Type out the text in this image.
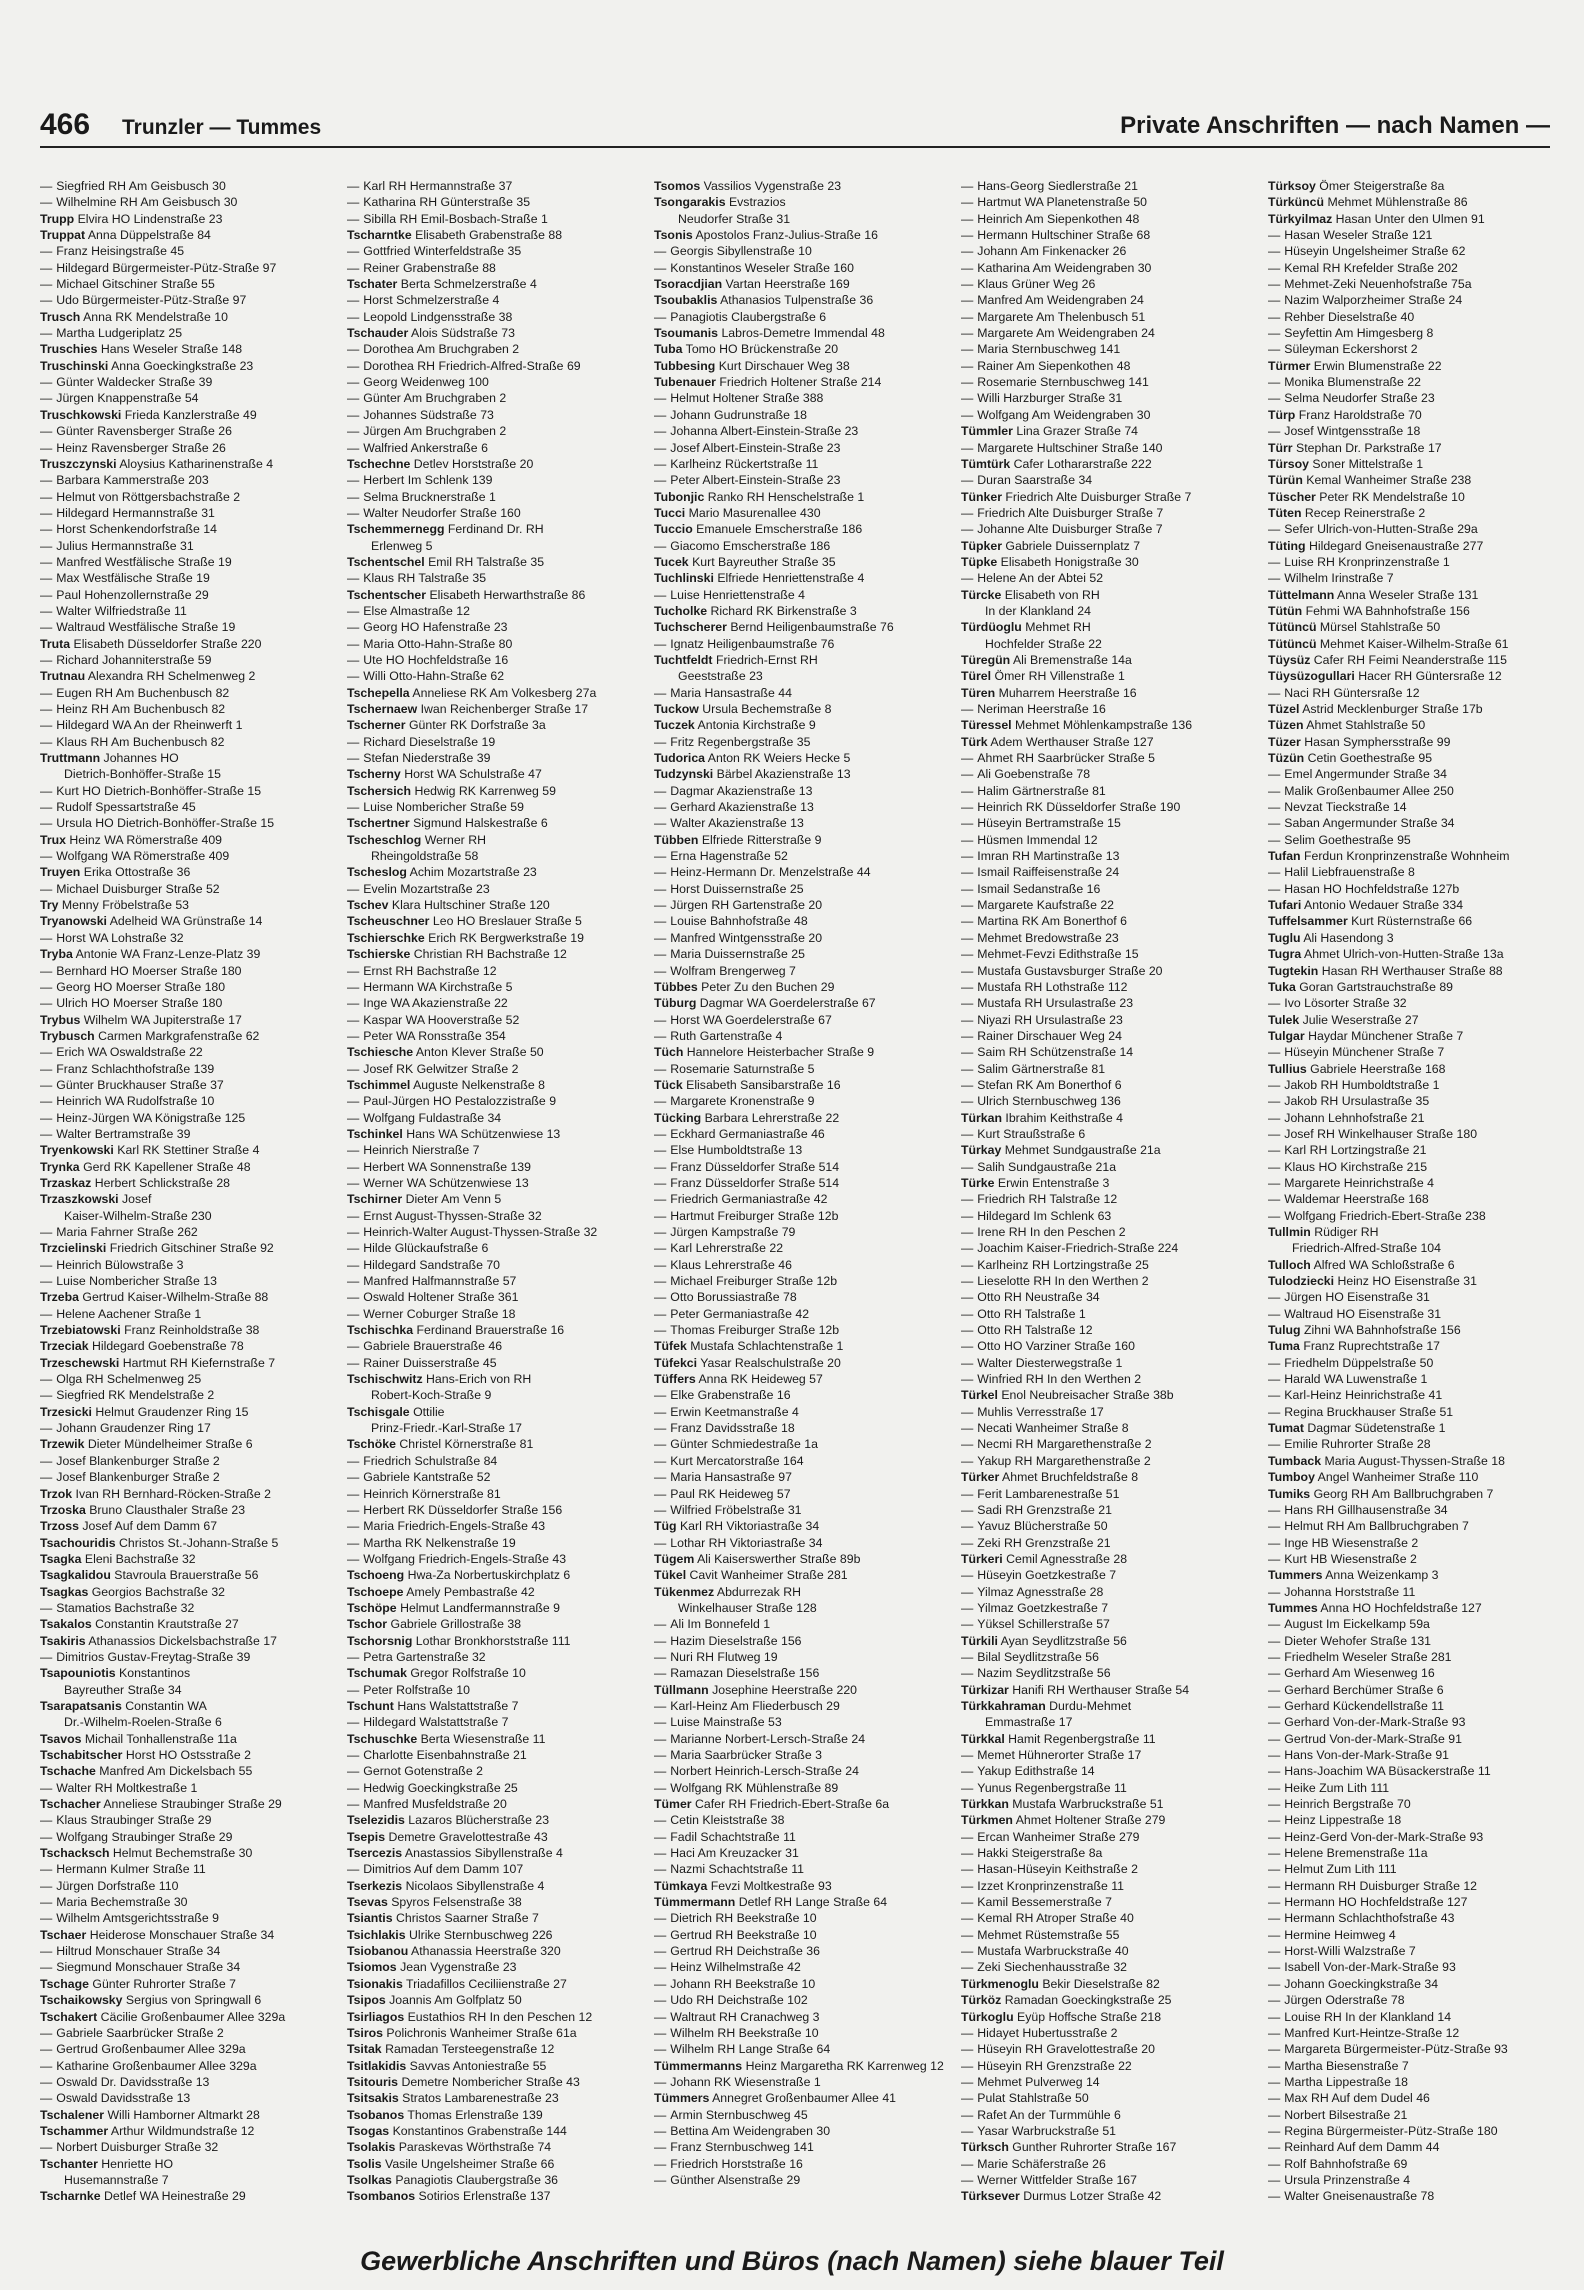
466 Trunzler — Tummes	Private Anschriften — nach Namen —
— Siegfried RH Am Geisbusch 30
— Wilhelmine RH Am Geisbusch 30
Trupp Elvira HO Lindenstraße 23
Truppat Anna Düppelstraße 84
— Franz Heisingstraße 45
— Hildegard Bürgermeister-Pütz-Straße 97
— Michael Gitschiner Straße 55
— Udo Bürgermeister-Pütz-Straße 97
Trusch Anna RK Mendelstraße 10
— Martha Ludgeriplatz 25
Truschies Hans Weseler Straße 148
Truschinski Anna Goeckingkstraße 23
— Günter Waldecker Straße 39
— Jürgen Knappenstraße 54
Truschkowski Frieda Kanzlerstraße 49
— Günter Ravensberger Straße 26
— Heinz Ravensberger Straße 26
Truszczynski Aloysius Katharinenstraße 4
— Barbara Kammerstraße 203
— Helmut von Röttgersbachstraße 2
— Hildegard Hermannstraße 31
— Horst Schenkendorfstraße 14
— Julius Hermannstraße 31
— Manfred Westfälische Straße 19
— Max Westfälische Straße 19
— Paul Hohenzollernstraße 29
— Walter Wilfriedstraße 11
— Waltraud Westfälische Straße 19
Truta Elisabeth Düsseldorfer Straße 220
— Richard Johanniterstraße 59
Trutnau Alexandra RH Schelmenweg 2
— Eugen RH Am Buchenbusch 82
— Heinz RH Am Buchenbusch 82
— Hildegard WA An der Rheinwerft 1
— Klaus RH Am Buchenbusch 82
Truttmann Johannes HO
Dietrich-Bonhöffer-Straße 15
— Kurt HO Dietrich-Bonhöffer-Straße 15
— Rudolf Spessartstraße 45
— Ursula HO Dietrich-Bonhöffer-Straße 15
Trux Heinz WA Römerstraße 409
— Wolfgang WA Römerstraße 409
Truyen Erika Ottostraße 36
— Michael Duisburger Straße 52
Try Menny Fröbelstraße 53
Tryanowski Adelheid WA Grünstraße 14
— Horst WA Lohstraße 32
Tryba Antonie WA Franz-Lenze-Platz 39
— Bernhard HO Moerser Straße 180
— Georg HO Moerser Straße 180
— Ulrich HO Moerser Straße 180
Trybus Wilhelm WA Jupiterstraße 17
Trybusch Carmen Markgrafenstraße 62
— Erich WA Oswaldstraße 22
— Franz Schlachthofstraße 139
— Günter Bruckhauser Straße 37
— Heinrich WA Rudolfstraße 10
— Heinz-Jürgen WA Königstraße 125
— Walter Bertramstraße 39
Tryenkowski Karl RK Stettiner Straße 4
Trynka Gerd RK Kapellener Straße 48
Trzaskaz Herbert Schlickstraße 28
Trzaszkowski Josef
Kaiser-Wilhelm-Straße 230
— Maria Fahrner Straße 262
Trzcielinski Friedrich Gitschiner Straße 92
— Heinrich Bülowstraße 3
— Luise Nombericher Straße 13
Trzeba Gertrud Kaiser-Wilhelm-Straße 88
— Helene Aachener Straße 1
Trzebiatowski Franz Reinholdstraße 38
Trzeciak Hildegard Goebenstraße 78
Trzeschewski Hartmut RH Kiefernstraße 7
— Olga RH Schelmenweg 25
— Siegfried RK Mendelstraße 2
Trzesicki Helmut Graudenzer Ring 15
— Johann Graudenzer Ring 17
Trzewik Dieter Mündelheimer Straße 6
— Josef Blankenburger Straße 2
— Josef Blankenburger Straße 2
Trzok Ivan RH Bernhard-Röcken-Straße 2
Trzoska Bruno Clausthaler Straße 23
Trzoss Josef Auf dem Damm 67
Tsachouridis Christos St.-Johann-Straße 5
Tsagka Eleni Bachstraße 32
Tsagkalidou Stavroula Brauerstraße 56
Tsagkas Georgios Bachstraße 32
— Stamatios Bachstraße 32
Tsakalos Constantin Krautstraße 27
Tsakiris Athanassios Dickelsbachstraße 17
— Dimitrios Gustav-Freytag-Straße 39
Tsapouniotis Konstantinos
Bayreuther Straße 34
Tsarapatsanis Constantin WA
Dr.-Wilhelm-Roelen-Straße 6
Tsavos Michail Tonhallenstraße 11a
Tschabitscher Horst HO Ostsstraße 2
Tschache Manfred Am Dickelsbach 55
— Walter RH Moltkestraße 1
Tschacher Anneliese Straubinger Straße 29
— Klaus Straubinger Straße 29
— Wolfgang Straubinger Straße 29
Tschacksch Helmut Bechemstraße 30
— Hermann Kulmer Straße 11
— Jürgen Dorfstraße 110
— Maria Bechemstraße 30
— Wilhelm Amtsgerichtsstraße 9
Tschaer Heiderose Monschauer Straße 34
— Hiltrud Monschauer Straße 34
— Siegmund Monschauer Straße 34
Tschage Günter Ruhrorter Straße 7
Tschaikowsky Sergius von Springwall 6
Tschakert Cäcilie Großenbaumer Allee 329a
— Gabriele Saarbrücker Straße 2
— Gertrud Großenbaumer Allee 329a
— Katharine Großenbaumer Allee 329a
— Oswald Dr. Davidsstraße 13
— Oswald Davidsstraße 13
Tschalener Willi Hamborner Altmarkt 28
Tschammer Arthur Wildmundstraße 12
— Norbert Duisburger Straße 32
Tschanter Henriette HO
Husemannstraße 7
Tscharnke Detlef WA Heinestraße 29
— Karl RH Hermannstraße 37
— Katharina RH Günterstraße 35
— Sibilla RH Emil-Bosbach-Straße 1
Tscharntke Elisabeth Grabenstraße 88
— Gottfried Winterfeldstraße 35
— Reiner Grabenstraße 88
Tschater Berta Schmelzerstraße 4
— Horst Schmelzerstraße 4
— Leopold Lindgensstraße 38
Tschauder Alois Südstraße 73
— Dorothea Am Bruchgraben 2
— Dorothea RH Friedrich-Alfred-Straße 69
— Georg Weidenweg 100
— Günter Am Bruchgraben 2
— Johannes Südstraße 73
— Jürgen Am Bruchgraben 2
— Walfried Ankerstraße 6
Tschechne Detlev Horststraße 20
— Herbert Im Schlenk 139
— Selma Brucknerstraße 1
— Walter Neudorfer Straße 160
Tschemmernegg Ferdinand Dr. RH
Erlenweg 5
Tschentschel Emil RH Talstraße 35
— Klaus RH Talstraße 35
Tschentscher Elisabeth Herwarthstraße 86
— Else Almastraße 12
— Georg HO Hafenstraße 23
— Maria Otto-Hahn-Straße 80
— Ute HO Hochfeldstraße 16
— Willi Otto-Hahn-Straße 62
Tschepella Anneliese RK Am Volkesberg 27a
Tschernaew Iwan Reichenberger Straße 17
Tscherner Günter RK Dorfstraße 3a
— Richard Dieselstraße 19
— Stefan Niederstraße 39
Tscherny Horst WA Schulstraße 47
Tschersich Hedwig RK Karrenweg 59
— Luise Nombericher Straße 59
Tschertner Sigmund Halskestraße 6
Tscheschlog Werner RH
Rheingoldstraße 58
Tscheslog Achim Mozartstraße 23
— Evelin Mozartstraße 23
Tschev Klara Hultschiner Straße 120
Tscheuschner Leo HO Breslauer Straße 5
Tschierschke Erich RK Bergwerkstraße 19
Tschierske Christian RH Bachstraße 12
— Ernst RH Bachstraße 12
— Hermann WA Kirchstraße 5
— Inge WA Akazienstraße 22
— Kaspar WA Hooverstraße 52
— Peter WA Ronsstraße 354
Tschiesche Anton Klever Straße 50
— Josef RK Gelwitzer Straße 2
Tschimmel Auguste Nelkenstraße 8
— Paul-Jürgen HO Pestalozzistraße 9
— Wolfgang Fuldastraße 34
Tschinkel Hans WA Schützenwiese 13
— Heinrich Nierstraße 7
— Herbert WA Sonnenstraße 139
— Werner WA Schützenwiese 13
Tschirner Dieter Am Venn 5
— Ernst August-Thyssen-Straße 32
— Heinrich-Walter August-Thyssen-Straße 32
— Hilde Glückaufstraße 6
— Hildegard Sandstraße 70
— Manfred Halfmannstraße 57
— Oswald Holtener Straße 361
— Werner Coburger Straße 18
Tschischka Ferdinand Brauerstraße 16
— Gabriele Brauerstraße 46
— Rainer Duisserstraße 45
Tschischwitz Hans-Erich von RH
Robert-Koch-Straße 9
Tschisgale Ottilie
Prinz-Friedr.-Karl-Straße 17
Tschöke Christel Körnerstraße 81
— Friedrich Schulstraße 84
— Gabriele Kantstraße 52
— Heinrich Körnerstraße 81
— Herbert RK Düsseldorfer Straße 156
— Maria Friedrich-Engels-Straße 43
— Martha RK Nelkenstraße 19
— Wolfgang Friedrich-Engels-Straße 43
Tschoeng Hwa-Za Norbertuskirchplatz 6
Tschoepe Amely Pembastraße 42
Tschöpe Helmut Landfermannstraße 9
Tschor Gabriele Grillostraße 38
Tschorsnig Lothar Bronkhorststraße 111
— Petra Gartenstraße 32
Tschumak Gregor Rolfstraße 10
— Peter Rolfstraße 10
Tschunt Hans Walstattstraße 7
— Hildegard Walstattstraße 7
Tschuschke Berta Wiesenstraße 11
— Charlotte Eisenbahnstraße 21
— Gernot Gotenstraße 2
— Hedwig Goeckingkstraße 25
— Manfred Musfeldstraße 20
Tselezidis Lazaros Blücherstraße 23
Tsepis Demetre Gravelottestraße 43
Tsercezis Anastassios Sibyllenstraße 4
— Dimitrios Auf dem Damm 107
Tserkezis Nicolaos Sibyllenstraße 4
Tsevas Spyros Felsenstraße 38
Tsiantis Christos Saarner Straße 7
Tsichlakis Ulrike Sternbuschweg 226
Tsiobanou Athanassia Heerstraße 320
Tsiomos Jean Vygenstraße 23
Tsionakis Triadafillos Ceciliienstraße 27
Tsipos Joannis Am Golfplatz 50
Tsirliagos Eustathios RH In den Peschen 12
Tsiros Polichronis Wanheimer Straße 61a
Tsitak Ramadan Tersteegenstraße 12
Tsitlakidis Savvas Antoniestraße 55
Tsitouris Demetre Nombericher Straße 43
Tsitsakis Stratos Lambarenestraße 23
Tsobanos Thomas Erlenstraße 139
Tsogas Konstantinos Grabenstraße 144
Tsolakis Paraskevas Wörthstraße 74
Tsolis Vasile Ungelsheimer Straße 66
Tsolkas Panagiotis Claubergstraße 36
Tsombanos Sotirios Erlenstraße 137
Tsomos Vassilios Vygenstraße 23
Tsongarakis Evstrazios
Neudorfer Straße 31
Tsonis Apostolos Franz-Julius-Straße 16
— Georgis Sibyllenstraße 10
— Konstantinos Weseler Straße 160
Tsoracdjian Vartan Heerstraße 169
Tsoubaklis Athanasios Tulpenstraße 36
— Panagiotis Claubergstraße 6
Tsoumanis Labros-Demetre Immendal 48
Tuba Tomo HO Brückenstraße 20
Tubbesing Kurt Dirschauer Weg 38
Tubenauer Friedrich Holtener Straße 214
— Helmut Holtener Straße 388
— Johann Gudrunstraße 18
— Johanna Albert-Einstein-Straße 23
— Josef Albert-Einstein-Straße 23
— Karlheinz Rückertstraße 11
— Peter Albert-Einstein-Straße 23
Tubonjic Ranko RH Henschelstraße 1
Tucci Mario Masurenallee 430
Tuccio Emanuele Emscherstraße 186
— Giacomo Emscherstraße 186
Tucek Kurt Bayreuther Straße 35
Tuchlinski Elfriede Henriettenstraße 4
— Luise Henriettenstraße 4
Tucholke Richard RK Birkenstraße 3
Tuchscherer Bernd Heiligenbaumstraße 76
— Ignatz Heiligenbaumstraße 76
Tuchtfeldt Friedrich-Ernst RH
Geeststraße 23
— Maria Hansastraße 44
Tuckow Ursula Bechemstraße 8
Tuczek Antonia Kirchstraße 9
— Fritz Regenbergstraße 35
Tudorica Anton RK Weiers Hecke 5
Tudzynski Bärbel Akazienstraße 13
— Dagmar Akazienstraße 13
— Gerhard Akazienstraße 13
— Walter Akazienstraße 13
Tübben Elfriede Ritterstraße 9
— Erna Hagenstraße 52
— Heinz-Hermann Dr. Menzelstraße 44
— Horst Duissernstraße 25
— Jürgen RH Gartenstraße 20
— Louise Bahnhofstraße 48
— Manfred Wintgensstraße 20
— Maria Duissernstraße 25
— Wolfram Brengerweg 7
Tübbes Peter Zu den Buchen 29
Tüburg Dagmar WA Goerdelerstraße 67
— Horst WA Goerdelerstraße 67
— Ruth Gartenstraße 4
Tüch Hannelore Heisterbacher Straße 9
— Rosemarie Saturnstraße 5
Tück Elisabeth Sansibarstraße 16
— Margarete Kronenstraße 9
Tücking Barbara Lehrerstraße 22
— Eckhard Germaniastraße 46
— Else Humboldtstraße 13
— Franz Düsseldorfer Straße 514
— Franz Düsseldorfer Straße 514
— Friedrich Germaniastraße 42
— Hartmut Freiburger Straße 12b
— Jürgen Kampstraße 79
— Karl Lehrerstraße 22
— Klaus Lehrerstraße 46
— Michael Freiburger Straße 12b
— Otto Borussiastraße 78
— Peter Germaniastraße 42
— Thomas Freiburger Straße 12b
Tüfek Mustafa Schlachtenstraße 1
Tüfekci Yasar Realschulstraße 20
Tüffers Anna RK Heideweg 57
— Elke Grabenstraße 16
— Erwin Keetmanstraße 4
— Franz Davidsstraße 18
— Günter Schmiedestraße 1a
— Kurt Mercatorstraße 164
— Maria Hansastraße 97
— Paul RK Heideweg 57
— Wilfried Fröbelstraße 31
Tüg Karl RH Viktoriastraße 34
— Lothar RH Viktoriastraße 34
Tügem Ali Kaiserswerther Straße 89b
Tükel Cavit Wanheimer Straße 281
Tükenmez Abdurrezak RH
Winkelhauser Straße 128
— Ali Im Bonnefeld 1
— Hazim Dieselstraße 156
— Nuri RH Flutweg 19
— Ramazan Dieselstraße 156
Tüllmann Josephine Heerstraße 220
— Karl-Heinz Am Fliederbusch 29
— Luise Mainstraße 53
— Marianne Norbert-Lersch-Straße 24
— Maria Saarbrücker Straße 3
— Norbert Heinrich-Lersch-Straße 24
— Wolfgang RK Mühlenstraße 89
Tümer Cafer RH Friedrich-Ebert-Straße 6a
— Cetin Kleiststraße 38
— Fadil Schachtstraße 11
— Haci Am Kreuzacker 31
— Nazmi Schachtstraße 11
Tümkaya Fevzi Moltkestraße 93
Tümmermann Detlef RH Lange Straße 64
— Dietrich RH Beekstraße 10
— Gertrud RH Beekstraße 10
— Gertrud RH Deichstraße 36
— Heinz Wilhelmstraße 42
— Johann RH Beekstraße 10
— Udo RH Deichstraße 102
— Waltraut RH Cranachweg 3
— Wilhelm RH Beekstraße 10
— Wilhelm RH Lange Straße 64
Tümmermanns Heinz Margaretha RK Karrenweg 12
— Johann RK Wiesenstraße 1
Tümmers Annegret Großenbaumer Allee 41
— Armin Sternbuschweg 45
— Bettina Am Weidengraben 30
— Franz Sternbuschweg 141
— Friedrich Horststraße 16
— Günther Alsenstraße 29
— Hans-Georg Siedlerstraße 21
— Hartmut WA Planetenstraße 50
— Heinrich Am Siepenkothen 48
— Hermann Hultschiner Straße 68
— Johann Am Finkenacker 26
— Katharina Am Weidengraben 30
— Klaus Grüner Weg 26
— Manfred Am Weidengraben 24
— Margarete Am Thelenbusch 51
— Margarete Am Weidengraben 24
— Maria Sternbuschweg 141
— Rainer Am Siepenkothen 48
— Rosemarie Sternbuschweg 141
— Willi Harzburger Straße 31
— Wolfgang Am Weidengraben 30
Tümmler Lina Grazer Straße 74
— Margarete Hultschiner Straße 140
Tümtürk Cafer Lothararstraße 222
— Duran Saarstraße 34
Tünker Friedrich Alte Duisburger Straße 7
— Friedrich Alte Duisburger Straße 7
— Johanne Alte Duisburger Straße 7
Tüpker Gabriele Duissernplatz 7
Tüpke Elisabeth Honigstraße 30
— Helene An der Abtei 52
Türcke Elisabeth von RH
In der Klankland 24
Türdüoglu Mehmet RH
Hochfelder Straße 22
Türegün Ali Bremenstraße 14a
Türel Ömer RH Villenstraße 1
Türen Muharrem Heerstraße 16
— Neriman Heerstraße 16
Türessel Mehmet Möhlenkampstraße 136
Türk Adem Werthauser Straße 127
— Ahmet RH Saarbrücker Straße 5
— Ali Goebenstraße 78
— Halim Gärtnerstraße 81
— Heinrich RK Düsseldorfer Straße 190
— Hüseyin Bertramstraße 15
— Hüsmen Immendal 12
— Imran RH Martinstraße 13
— Ismail Raiffeisenstraße 24
— Ismail Sedanstraße 16
— Margarete Kaufstraße 22
— Martina RK Am Bonerthof 6
— Mehmet Bredowstraße 23
— Mehmet-Fevzi Edithstraße 15
— Mustafa Gustavsburger Straße 20
— Mustafa RH Lothstraße 112
— Mustafa RH Ursulastraße 23
— Niyazi RH Ursulastraße 23
— Rainer Dirschauer Weg 24
— Saim RH Schützenstraße 14
— Salim Gärtnerstraße 81
— Stefan RK Am Bonerthof 6
— Ulrich Sternbuschweg 136
Türkan Ibrahim Keithstraße 4
— Kurt Straußstraße 6
Türkay Mehmet Sundgaustraße 21a
— Salih Sundgaustraße 21a
Türke Erwin Entenstraße 3
— Friedrich RH Talstraße 12
— Hildegard Im Schlenk 63
— Irene RH In den Peschen 2
— Joachim Kaiser-Friedrich-Straße 224
— Karlheinz RH Lortzingstraße 25
— Lieselotte RH In den Werthen 2
— Otto RH Neustraße 34
— Otto RH Talstraße 1
— Otto RH Talstraße 12
— Otto HO Varziner Straße 160
— Walter Diesterwegstraße 1
— Winfried RH In den Werthen 2
Türkel Enol Neubreisacher Straße 38b
— Muhlis Verresstraße 17
— Necati Wanheimer Straße 8
— Necmi RH Margarethenstraße 2
— Yakup RH Margarethenstraße 2
Türker Ahmet Bruchfeldstraße 8
— Ferit Lambarenestraße 51
— Sadi RH Grenzstraße 21
— Yavuz Blücherstraße 50
— Zeki RH Grenzstraße 21
Türkeri Cemil Agnesstraße 28
— Hüseyin Goetzkestraße 7
— Yilmaz Agnesstraße 28
— Yilmaz Goetzkestraße 7
— Yüksel Schillerstraße 57
Türkili Ayan Seydlitzstraße 56
— Bilal Seydlitzstraße 56
— Nazim Seydlitzstraße 56
Türkizar Hanifi RH Werthauser Straße 54
Türkkahraman Durdu-Mehmet
Emmastraße 17
Türkkal Hamit Regenbergstraße 11
— Memet Hühnerorter Straße 17
— Yakup Edithstraße 14
— Yunus Regenbergstraße 11
Türkkan Mustafa Warbruckstraße 51
Türkmen Ahmet Holtener Straße 279
— Ercan Wanheimer Straße 279
— Hakki Steigerstraße 8a
— Hasan-Hüseyin Keithstraße 2
— Izzet Kronprinzenstraße 11
— Kamil Bessemerstraße 7
— Kemal RH Atroper Straße 40
— Mehmet Rüstemstraße 55
— Mustafa Warbruckstraße 40
— Zeki Siechenhausstraße 32
Türkmenoglu Bekir Dieselstraße 82
Türköz Ramadan Goeckingkstraße 25
Türkoglu Eyüp Hoffsche Straße 218
— Hidayet Hubertusstraße 2
— Hüseyin RH Gravelottestraße 20
— Hüseyin RH Grenzstraße 22
— Mehmet Pulverweg 14
— Pulat Stahlstraße 50
— Rafet An der Turmmühle 6
— Yasar Warbruckstraße 51
Türksch Gunther Ruhrorter Straße 167
— Marie Schäferstraße 26
— Werner Wittfelder Straße 167
Türksever Durmus Lotzer Straße 42
Türksoy Ömer Steigerstraße 8a
Türküncü Mehmet Mühlenstraße 86
Türkyilmaz Hasan Unter den Ulmen 91
— Hasan Weseler Straße 121
— Hüseyin Ungelsheimer Straße 62
— Kemal RH Krefelder Straße 202
— Mehmet-Zeki Neuenhofstraße 75a
— Nazim Walporzheimer Straße 24
— Rehber Dieselstraße 40
— Seyfettin Am Himgesberg 8
— Süleyman Eckershorst 2
Türmer Erwin Blumenstraße 22
— Monika Blumenstraße 22
— Selma Neudorfer Straße 23
Türp Franz Haroldstraße 70
— Josef Wintgensstraße 18
Türr Stephan Dr. Parkstraße 17
Türsoy Soner Mittelstraße 1
Türün Kemal Wanheimer Straße 238
Tüscher Peter RK Mendelstraße 10
Tüten Recep Reinerstraße 2
— Sefer Ulrich-von-Hutten-Straße 29a
Tüting Hildegard Gneisenaustraße 277
— Luise RH Kronprinzenstraße 1
— Wilhelm Irinstraße 7
Tüttelmann Anna Weseler Straße 131
Tütün Fehmi WA Bahnhofstraße 156
Tütüncü Mürsel Stahlstraße 50
Tütüncü Mehmet Kaiser-Wilhelm-Straße 61
Tüysüz Cafer RH Feimi Neanderstraße 115
Tüysüzogullari Hacer RH Güntersraße 12
— Naci RH Güntersraße 12
Tüzel Astrid Mecklenburger Straße 17b
Tüzen Ahmet Stahlstraße 50
Tüzer Hasan Symphersstraße 99
Tüzün Cetin Goethestraße 95
— Emel Angermunder Straße 34
— Malik Großenbaumer Allee 250
— Nevzat Tieckstraße 14
— Saban Angermunder Straße 34
— Selim Goethestraße 95
Tufan Ferdun Kronprinzenstraße Wohnheim
— Halil Liebfrauenstraße 8
— Hasan HO Hochfeldstraße 127b
Tufari Antonio Wedauer Straße 334
Tuffelsammer Kurt Rüsternstraße 66
Tuglu Ali Hasendong 3
Tugra Ahmet Ulrich-von-Hutten-Straße 13a
Tugtekin Hasan RH Werthauser Straße 88
Tuka Goran Gartstrauchstraße 89
— Ivo Lösorter Straße 32
Tulek Julie Weserstraße 27
Tulgar Haydar Münchener Straße 7
— Hüseyin Münchener Straße 7
Tullius Gabriele Heerstraße 168
— Jakob RH Humboldtstraße 1
— Jakob RH Ursulastraße 35
— Johann Lehnhofstraße 21
— Josef RH Winkelhauser Straße 180
— Karl RH Lortzingstraße 21
— Klaus HO Kirchstraße 215
— Margarete Heinrichstraße 4
— Waldemar Heerstraße 168
— Wolfgang Friedrich-Ebert-Straße 238
Tullmin Rüdiger RH
Friedrich-Alfred-Straße 104
Tulloch Alfred WA Schloßstraße 6
Tulodziecki Heinz HO Eisenstraße 31
— Jürgen HO Eisenstraße 31
— Waltraud HO Eisenstraße 31
Tulug Zihni WA Bahnhofstraße 156
Tuma Franz Ruprechtstraße 17
— Friedhelm Düppelstraße 50
— Harald WA Luwenstraße 1
— Karl-Heinz Heinrichstraße 41
— Regina Bruckhauser Straße 51
Tumat Dagmar Südetenstraße 1
— Emilie Ruhrorter Straße 28
Tumback Maria August-Thyssen-Straße 18
Tumboy Angel Wanheimer Straße 110
Tumiks Georg RH Am Ballbruchgraben 7
— Hans RH Gillhausenstraße 34
— Helmut RH Am Ballbruchgraben 7
— Inge HB Wiesenstraße 2
— Kurt HB Wiesenstraße 2
Tummers Anna Weizenkamp 3
— Johanna Horststraße 11
Tummes Anna HO Hochfeldstraße 127
— August Im Eickelkamp 59a
— Dieter Wehofer Straße 131
— Friedhelm Weseler Straße 281
— Gerhard Am Wiesenweg 16
— Gerhard Berchümer Straße 6
— Gerhard Kückendellstraße 11
— Gerhard Von-der-Mark-Straße 93
— Gertrud Von-der-Mark-Straße 91
— Hans Von-der-Mark-Straße 91
— Hans-Joachim WA Büsackerstraße 11
— Heike Zum Lith 111
— Heinrich Bergstraße 70
— Heinz Lippestraße 18
— Heinz-Gerd Von-der-Mark-Straße 93
— Helene Bremenstraße 11a
— Helmut Zum Lith 111
— Hermann RH Duisburger Straße 12
— Hermann HO Hochfeldstraße 127
— Hermann Schlachthofstraße 43
— Hermine Heimweg 4
— Horst-Willi Walzstraße 7
— Isabell Von-der-Mark-Straße 93
— Johann Goeckingkstraße 34
— Jürgen Oderstraße 78
— Louise RH In der Klankland 14
— Manfred Kurt-Heintze-Straße 12
— Margareta Bürgermeister-Pütz-Straße 93
— Martha Biesenstraße 7
— Martha Lippestraße 18
— Max RH Auf dem Dudel 46
— Norbert Bilsestraße 21
— Regina Bürgermeister-Pütz-Straße 180
— Reinhard Auf dem Damm 44
— Rolf Bahnhofstraße 69
— Ursula Prinzenstraße 4
— Walter Gneisenaustraße 78
Gewerbliche Anschriften und Büros (nach Namen) siehe blauer Teil
